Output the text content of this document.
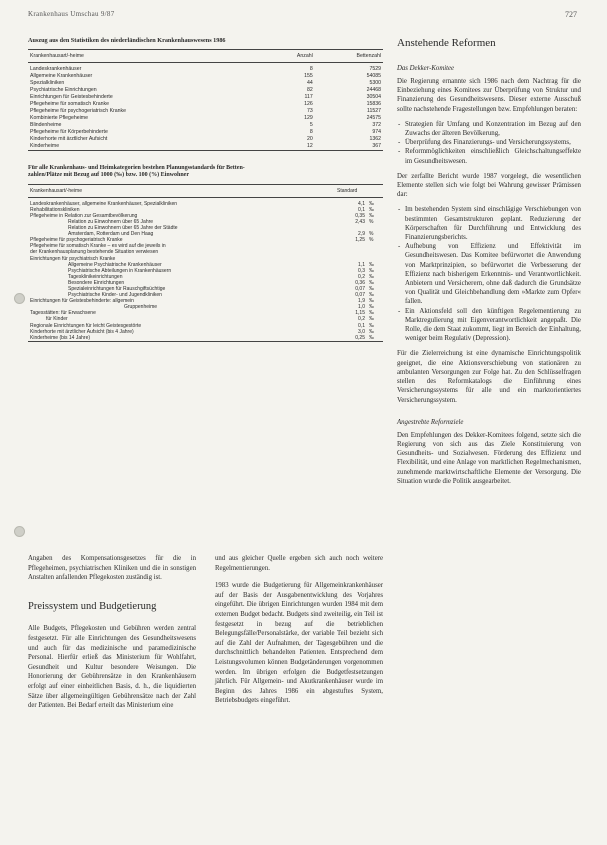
Krankenhaus Umschau 9/87	727
Auszug aus den Statistiken des niederländischen Krankenhauswesens 1986
Krankenhausart/-heime	Anzahl	Bettenzahl
Landeskrankenhäuser	8	7529
Allgemeine Krankenhäuser	155	54085
Spezialkliniken	44	5300
Psychiatrische Einrichtungen	82	24468
Einrichtungen für Geistesbehinderte	117	30504
Pflegeheime für somatisch Kranke	126	15836
Pflegeheime für psychogeriatrisch Kranke	73	11527
Kombinierte Pflegeheime	129	24575
Blindenheime	5	372
Pflegeheime für Körperbehinderte	8	974
Kinderhorte mit ärztlicher Aufsicht	20	1362
Kinderheime	12	367
Für alle Krankenhaus- und Heimkategorien bestehen Planungsstandards für Betten-
zahlen/Plätze mit Bezug auf 1000 (‰) bzw. 100 (%) Einwohner
Krankenhausart/-heime	Standard	
Landeskrankenhäuser, allgemeine Krankenhäuser, Spezialkliniken	4,1	‰
Rehabilitationskliniken	0,1	‰
Pflegeheime in Relation zur Gesamtbevölkerung	0,35	‰
Relation zu Einwohnern über 65 Jahre	2,43	%
Relation zu Einwohnern über 65 Jahre der Städte		
Amsterdam, Rotterdam und Den Haag	2,9	%
Pflegeheime für psychogeriatrisch Kranke	1,25	%
Pflegeheime für somatisch Kranke – es wird auf die jeweils in		
der Krankenhausplanung bestehende Situation verwiesen		
Einrichtungen für psychiatrisch Kranke		
Allgemeine Psychiatrische Krankenhäuser	1,1	‰
Psychiatrische Abteilungen in Krankenhäusern	0,3	‰
Tagesklinikeinrichtungen	0,2	‰
Besondere Einrichtungen	0,36	‰
Spezialeinrichtungen für Rauschgiftsüchtige	0,07	‰
Psychiatrische Kinder- und Jugendkliniken	0,07	‰
Einrichtungen für Geistesbehinderte: allgemein	1,9	‰
Gruppenheime	1,0	‰
Tagesstätten: für Erwachsene	1,15	‰
für Kinder	0,2	‰
Regionale Einrichtungen für leicht Geistesgestörte	0,1	‰
Kinderhorte mit ärztlicher Aufsicht (bis 4 Jahre)	3,0	‰
Kinderheime (bis 14 Jahre)	0,25	‰

Angaben des Kompensationsgesetzes für die in Pflegeheimen, psychiatrischen Kliniken und die in sonstigen Anstalten anfallenden Pflegekosten zuständig ist.

Preissystem und Budgetierung

Alle Budgets, Pflegekosten und Gebühren werden zentral festgesetzt. Für alle Einrichtungen des Gesundheitswesens und auch für das medizinische und paramedizinische Personal. Hierfür erließ das Ministerium für Wohlfahrt, Gesundheit und Kultur besondere Weisungen. Die Honorierung der Gebührensätze in den Krankenhäusern erfolgt auf einer einheitlichen Basis, d. h., die liquidierten Sätze über allgemeingültigen Gebührensätze nach der Zahl der Patienten. Bei Bedarf erteilt das Ministerium eine

und aus gleicher Quelle ergeben sich auch noch weitere Regelmentierungen.

1983 wurde die Budgetierung für Allgemeinkrankenhäuser auf der Basis der Ausgabenentwicklung des Vorjahres eingeführt. Die übrigen Einrichtungen wurden 1984 mit dem externen Budget bedacht. Budgets sind zweiteilig, ein Teil ist festgesetzt in bezug auf die betrieblichen Belegungsfälle/Personalstärke, der variable Teil bezieht sich auf die Zahl der Aufnahmen, der Tagesgebühren und die durchschnittlich behandelten Patienten. Entsprechend dem Leistungsvolumen können Budgetänderungen vorgenommen werden. Im übrigen erfolgen die Budgetfestsetzungen jährlich. Für Allgemein- und Akutkrankenhäuser wurde im Beginn des Jahres 1986 ein abgestuftes System, Betriebsbudgets eingeführt.

Anstehende Reformen
Das Dekker-Komitee

Die Regierung ernannte sich 1986 nach dem Nachtrag für die Einbeziehung eines Komitees zur Überprüfung von Struktur und Finanzierung des Gesundheitswesens. Dieser externe Ausschuß sollte nachstehende Fragestellungen bzw. Empfehlungen beraten:

- Strategien für Umfang und Konzentration im Bezug auf den Zuwachs der älteren Bevölkerung,
- Überprüfung des Finanzierungs- und Versicherungssystems,
- Reformmöglichkeiten einschließlich Gleichschaltungseffekte im Gesundheitswesen.

Der zerfallte Bericht wurde 1987 vorgelegt, die wesentlichen Elemente stellen sich wie folgt bei Wahrung gewisser Prämissen dar:

- Im bestehenden System sind einschlägige Verschiebungen von bestimmten Gesamtstrukturen geplant. Reduzierung der Körperschaften für Durchführung und Entwicklung des Finanzierungsberichts.
- Aufhebung von Effizienz und Effektivität im Gesundheitswesen. Das Komitee befürwortet die Anwendung von Marktprinzipien, so befürwortet die Verbesserung der Effizienz nach bisherigem Erkenntnis- und Verantwortlichkeit. Anbietern und Versicherern, ohne daß dadurch die Grundsätze von Qualität und Gleichbehandlung dem »Markte zum Opfer« fallen.
- Ein Aktionsfeld soll den künftigen Regelementierung zu Marktregulierung mit Eigenverantwortlichkeit angepaßt. Die Rolle, die dem Staat zukommt, liegt im Bereich der Einhaltung, weniger beim Regulativ (Depression).

Für die Zielerreichung ist eine dynamische Einrichtungspolitik geeignet, die eine Aktionsverschiebung von stationären zu ambulanten Versorgungen zur Folge hat. Zu den Schlüsselfragen stellen des Reformkatalogs die Einführung eines Versicherungssystems für alle und ein marktorientiertes Versicherungssystem.

Angestrebte Reformziele

Den Empfehlungen des Dekker-Komitees folgend, setzte sich die Regierung von sich aus das Ziele Konstituierung von Gesundheits- und Sozialwesen. Förderung des Effizienz und Flexibilität, und eine Anlage von marktlichen Regelmechanismen, zunehmende marktwirtschaftliche Elemente der Versorgung. Die Situation wurde die Politik ausgearbeitet.
